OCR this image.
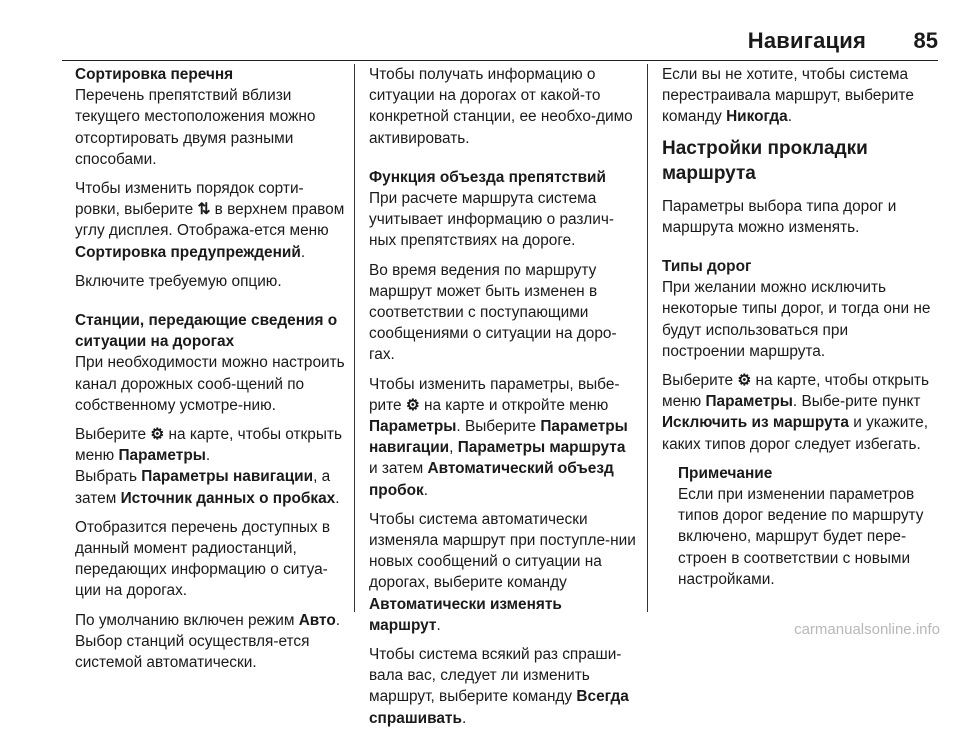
Навигация 85
Сортировка перечня

Перечень препятствий вблизи текущего местоположения можно отсортировать двумя разными способами.

Чтобы изменить порядок сорти-ровки, выберите ⇅ в верхнем правом углу дисплея. Отобража-ется меню Сортировка предупреждений.

Включите требуемую опцию.

Станции, передающие сведения о ситуации на дорогах

При необходимости можно настроить канал дорожных сооб-щений по собственному усмотре-нию.

Выберите ⚙ на карте, чтобы открыть меню Параметры.
Выбрать Параметры навигации, а затем Источник данных о пробках.

Отобразится перечень доступных в данный момент радиостанций, передающих информацию о ситуа-ции на дорогах.

По умолчанию включен режим Авто. Выбор станций осуществля-ется системой автоматически.

Чтобы получать информацию о ситуации на дорогах от какой-то конкретной станции, ее необхо-димо активировать.

Функция объезда препятствий

При расчете маршрута система учитывает информацию о различ-ных препятствиях на дороге.

Во время ведения по маршруту маршрут может быть изменен в соответствии с поступающими сообщениями о ситуации на доро-гах.

Чтобы изменить параметры, выбе-рите ⚙ на карте и откройте меню Параметры. Выберите Параметры навигации, Параметры маршрута и затем Автоматический объезд пробок.

Чтобы система автоматически изменяла маршрут при поступле-нии новых сообщений о ситуации на дорогах, выберите команду Автоматически изменять маршрут.

Чтобы система всякий раз спраши-вала вас, следует ли изменить маршрут, выберите команду Всегда спрашивать.

Если вы не хотите, чтобы система перестраивала маршрут, выберите команду Никогда.

Настройки прокладки маршрута

Параметры выбора типа дорог и маршрута можно изменять.

Типы дорог

При желании можно исключить некоторые типы дорог, и тогда они не будут использоваться при построении маршрута.

Выберите ⚙ на карте, чтобы открыть меню Параметры. Выбе-рите пункт Исключить из маршрута и укажите, каких типов дорог следует избегать.

Примечание

Если при изменении параметров типов дорог ведение по маршруту включено, маршрут будет пере-строен в соответствии с новыми настройками.

carmanualsonline.info
